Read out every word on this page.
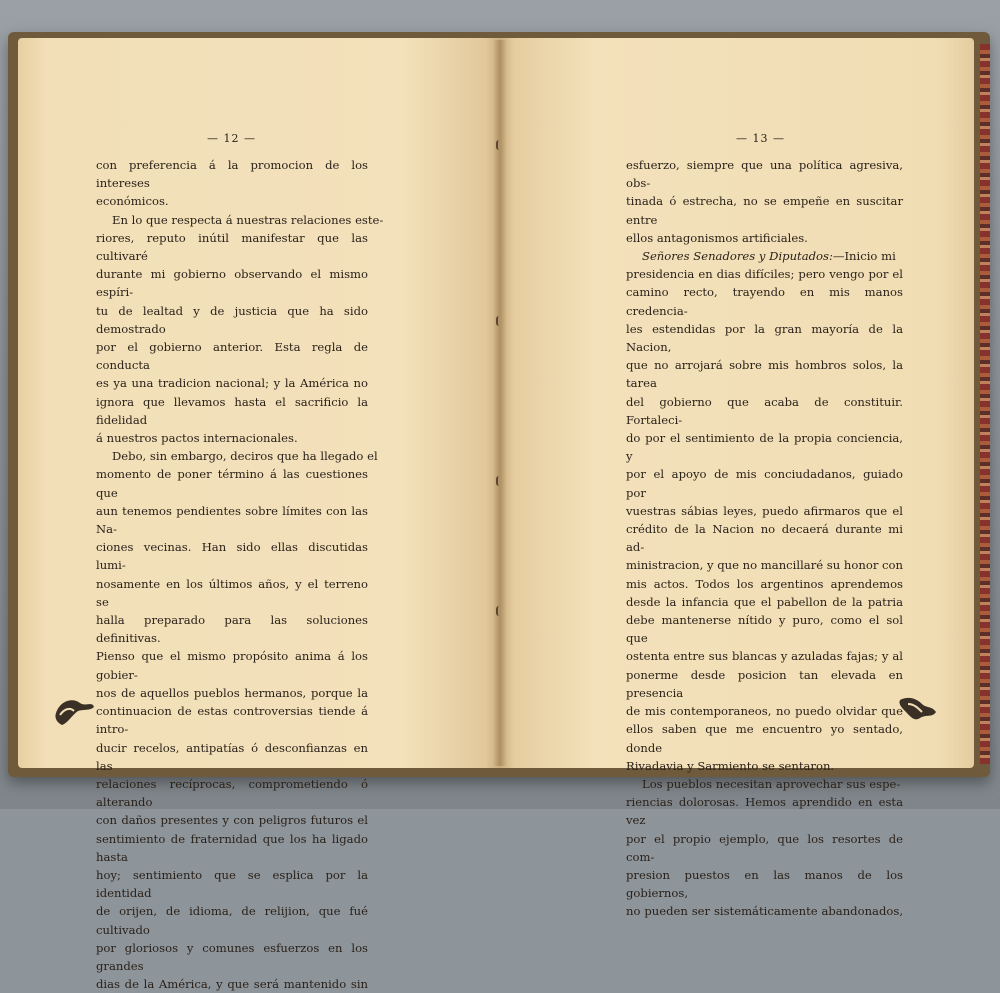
— 12 —	— 13 —
con preferencia á la promocion de los intereses
económicos.
En lo que respecta á nuestras relaciones este-
riores, reputo inútil manifestar que las cultivaré
durante mi gobierno observando el mismo espíri-
tu de lealtad y de justicia que ha sido demostrado
por el gobierno anterior. Esta regla de conducta
es ya una tradicion nacional; y la América no
ignora que llevamos hasta el sacrificio la fidelidad
á nuestros pactos internacionales.
Debo, sin embargo, deciros que ha llegado el
momento de poner término á las cuestiones que
aun tenemos pendientes sobre límites con las Na-
ciones vecinas. Han sido ellas discutidas lumi-
nosamente en los últimos años, y el terreno se
halla preparado para las soluciones definitivas.
Pienso que el mismo propósito anima á los gobier-
nos de aquellos pueblos hermanos, porque la
continuacion de estas controversias tiende á intro-
ducir recelos, antipatías ó desconfianzas en las
relaciones recíprocas, comprometiendo ó alterando
con daños presentes y con peligros futuros el
sentimiento de fraternidad que los ha ligado hasta
hoy; sentimiento que se esplica por la identidad
de orijen, de idioma, de relijion, que fué cultivado
por gloriosos y comunes esfuerzos en los grandes
dias de la América, y que será mantenido sin
esfuerzo, siempre que una política agresiva, obs-
tinada ó estrecha, no se empeñe en suscitar entre
ellos antagonismos artificiales.
Señores Senadores y Diputados:—Inicio mi
presidencia en dias difíciles; pero vengo por el
camino recto, trayendo en mis manos credencia-
les estendidas por la gran mayoría de la Nacion,
que no arrojará sobre mis hombros solos, la tarea
del gobierno que acaba de constituir. Fortaleci-
do por el sentimiento de la propia conciencia, y
por el apoyo de mis conciudadanos, guiado por
vuestras sábias leyes, puedo afirmaros que el
crédito de la Nacion no decaerá durante mi ad-
ministracion, y que no mancillaré su honor con
mis actos. Todos los argentinos aprendemos
desde la infancia que el pabellon de la patria
debe mantenerse nítido y puro, como el sol que
ostenta entre sus blancas y azuladas fajas; y al
ponerme desde posicion tan elevada en presencia
de mis contemporaneos, no puedo olvidar que
ellos saben que me encuentro yo sentado, donde
Rivadavia y Sarmiento se sentaron.
Los pueblos necesitan aprovechar sus espe-
riencias dolorosas. Hemos aprendido en esta vez
por el propio ejemplo, que los resortes de com-
presion puestos en las manos de los gobiernos,
no pueden ser sistemáticamente abandonados,
